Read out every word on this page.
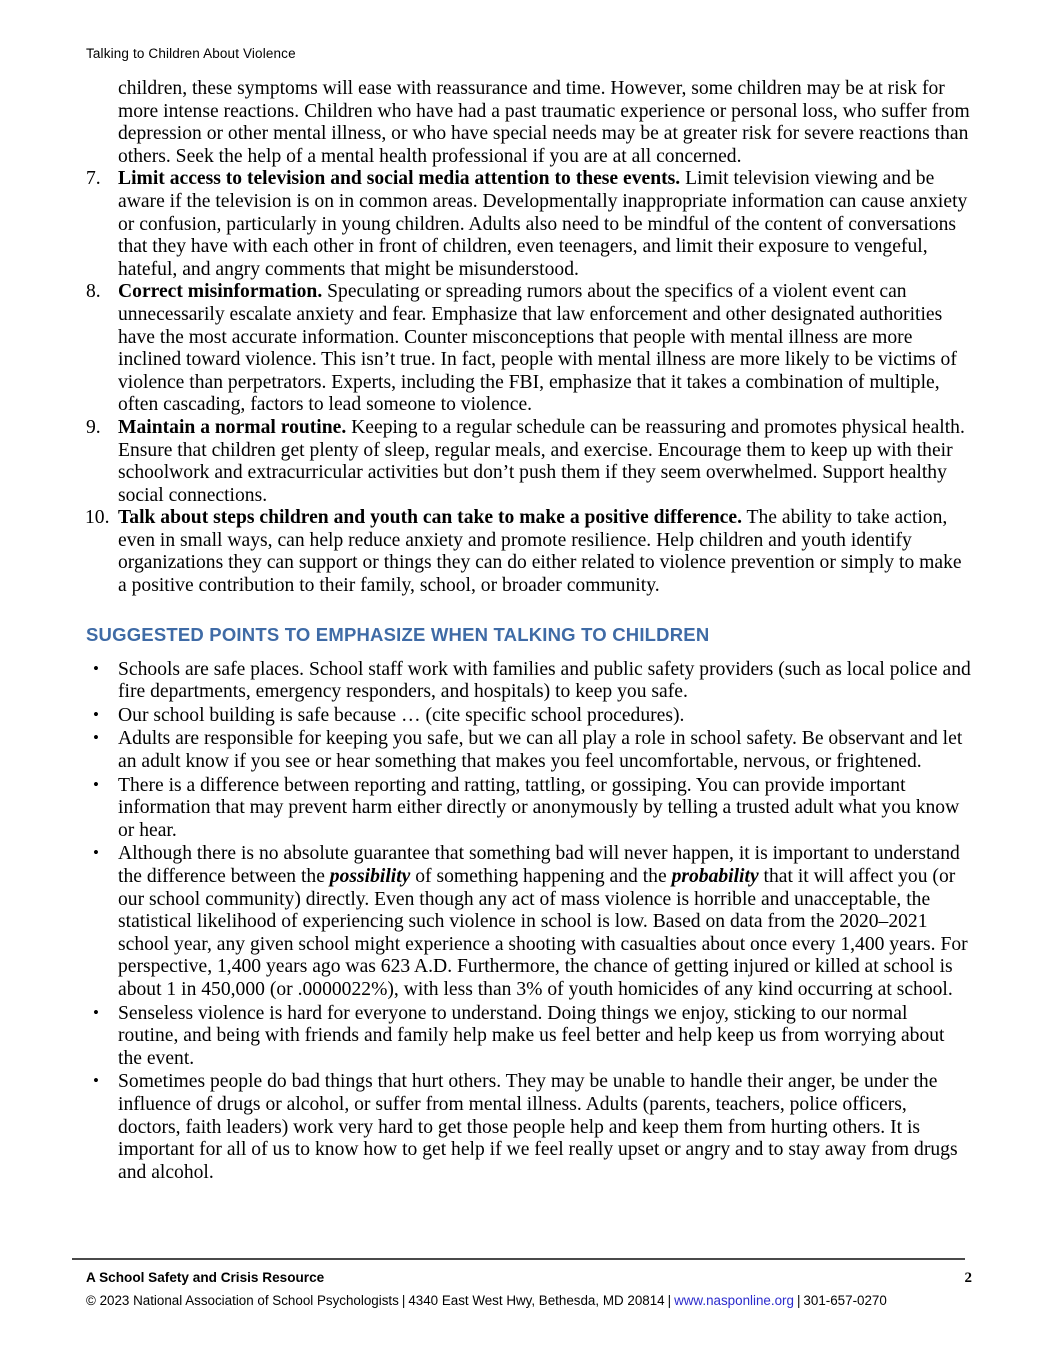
Talking to Children About Violence

children, these symptoms will ease with reassurance and time. However, some children may be at risk for more intense reactions. Children who have had a past traumatic experience or personal loss, who suffer from depression or other mental illness, or who have special needs may be at greater risk for severe reactions than others. Seek the help of a mental health professional if you are at all concerned.

7. Limit access to television and social media attention to these events. Limit television viewing and be aware if the television is on in common areas. Developmentally inappropriate information can cause anxiety or confusion, particularly in young children. Adults also need to be mindful of the content of conversations that they have with each other in front of children, even teenagers, and limit their exposure to vengeful, hateful, and angry comments that might be misunderstood.
8. Correct misinformation. Speculating or spreading rumors about the specifics of a violent event can unnecessarily escalate anxiety and fear. Emphasize that law enforcement and other designated authorities have the most accurate information. Counter misconceptions that people with mental illness are more inclined toward violence. This isn’t true. In fact, people with mental illness are more likely to be victims of violence than perpetrators. Experts, including the FBI, emphasize that it takes a combination of multiple, often cascading, factors to lead someone to violence.
9. Maintain a normal routine. Keeping to a regular schedule can be reassuring and promotes physical health. Ensure that children get plenty of sleep, regular meals, and exercise. Encourage them to keep up with their schoolwork and extracurricular activities but don’t push them if they seem overwhelmed. Support healthy social connections.
10. Talk about steps children and youth can take to make a positive difference. The ability to take action, even in small ways, can help reduce anxiety and promote resilience. Help children and youth identify organizations they can support or things they can do either related to violence prevention or simply to make a positive contribution to their family, school, or broader community.
SUGGESTED POINTS TO EMPHASIZE WHEN TALKING TO CHILDREN
• Schools are safe places. School staff work with families and public safety providers (such as local police and fire departments, emergency responders, and hospitals) to keep you safe.
• Our school building is safe because … (cite specific school procedures).
• Adults are responsible for keeping you safe, but we can all play a role in school safety. Be observant and let an adult know if you see or hear something that makes you feel uncomfortable, nervous, or frightened.
• There is a difference between reporting and ratting, tattling, or gossiping. You can provide important information that may prevent harm either directly or anonymously by telling a trusted adult what you know or hear.
• Although there is no absolute guarantee that something bad will never happen, it is important to understand the difference between the possibility of something happening and the probability that it will affect you (or our school community) directly. Even though any act of mass violence is horrible and unacceptable, the statistical likelihood of experiencing such violence in school is low. Based on data from the 2020–2021 school year, any given school might experience a shooting with casualties about once every 1,400 years. For perspective, 1,400 years ago was 623 A.D. Furthermore, the chance of getting injured or killed at school is about 1 in 450,000 (or .0000022%), with less than 3% of youth homicides of any kind occurring at school.
• Senseless violence is hard for everyone to understand. Doing things we enjoy, sticking to our normal routine, and being with friends and family help make us feel better and help keep us from worrying about the event.
• Sometimes people do bad things that hurt others. They may be unable to handle their anger, be under the influence of drugs or alcohol, or suffer from mental illness. Adults (parents, teachers, police officers, doctors, faith leaders) work very hard to get those people help and keep them from hurting others. It is important for all of us to know how to get help if we feel really upset or angry and to stay away from drugs and alcohol.
A School Safety and Crisis Resource	2
© 2023 National Association of School Psychologists | 4340 East West Hwy, Bethesda, MD 20814 | www.nasponline.org | 301-657-0270
